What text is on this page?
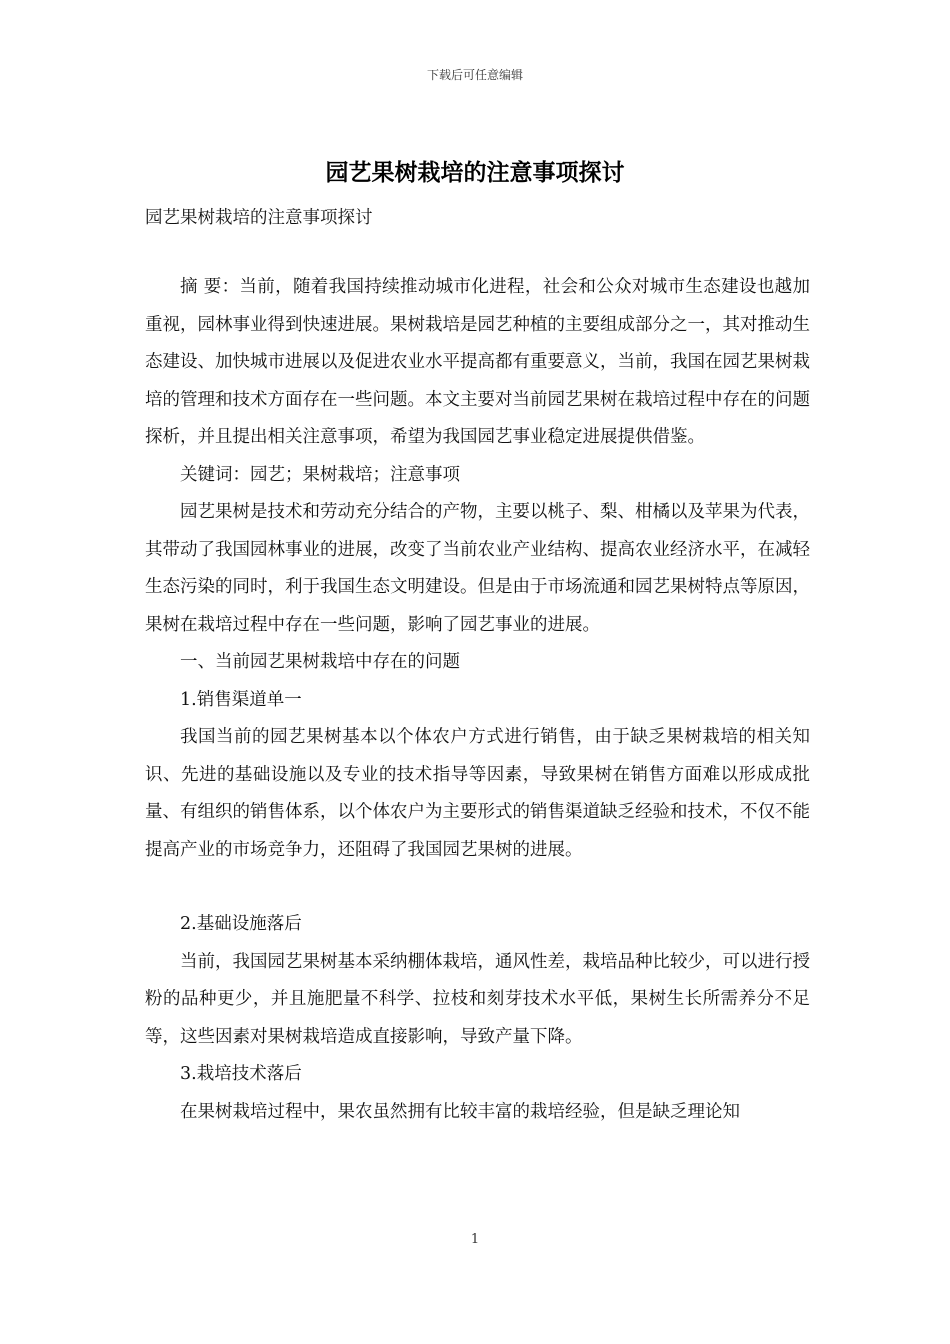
下载后可任意编辑
园艺果树栽培的注意事项探讨
园艺果树栽培的注意事项探讨

摘 要：当前，随着我国持续推动城市化进程，社会和公众对城市生态建设也越加重视，园林事业得到快速进展。果树栽培是园艺种植的主要组成部分之一，其对推动生态建设、加快城市进展以及促进农业水平提高都有重要意义，当前，我国在园艺果树栽培的管理和技术方面存在一些问题。本文主要对当前园艺果树在栽培过程中存在的问题探析，并且提出相关注意事项，希望为我国园艺事业稳定进展提供借鉴。

关键词：园艺；果树栽培；注意事项

园艺果树是技术和劳动充分结合的产物，主要以桃子、梨、柑橘以及苹果为代表，其带动了我国园林事业的进展，改变了当前农业产业结构、提高农业经济水平，在减轻生态污染的同时，利于我国生态文明建设。但是由于市场流通和园艺果树特点等原因，果树在栽培过程中存在一些问题，影响了园艺事业的进展。

一、当前园艺果树栽培中存在的问题

1.销售渠道单一

我国当前的园艺果树基本以个体农户方式进行销售，由于缺乏果树栽培的相关知识、先进的基础设施以及专业的技术指导等因素，导致果树在销售方面难以形成成批量、有组织的销售体系，以个体农户为主要形式的销售渠道缺乏经验和技术，不仅不能提高产业的市场竞争力，还阻碍了我国园艺果树的进展。

2.基础设施落后

当前，我国园艺果树基本采纳棚体栽培，通风性差，栽培品种比较少，可以进行授粉的品种更少，并且施肥量不科学、拉枝和刻芽技术水平低，果树生长所需养分不足等，这些因素对果树栽培造成直接影响，导致产量下降。

3.栽培技术落后

在果树栽培过程中，果农虽然拥有比较丰富的栽培经验，但是缺乏理论知

1
